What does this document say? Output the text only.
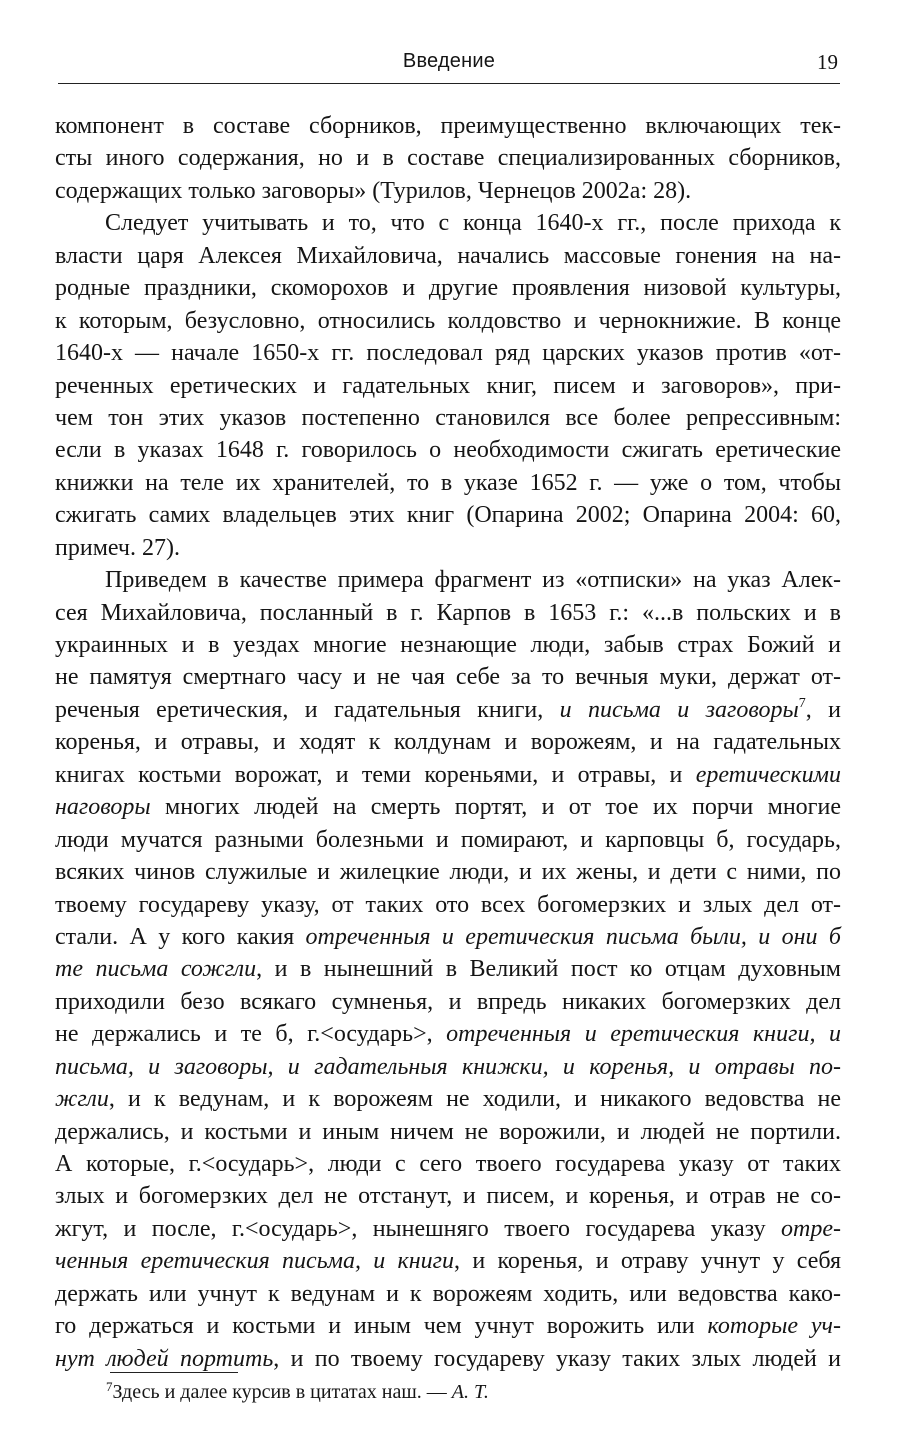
Введение	19
компонент в составе сборников, преимущественно включающих тек-
сты иного содержания, но и в составе специализированных сборников,
содержащих только заговоры» (Турилов, Чернецов 2002а: 28).
Следует учитывать и то, что с конца 1640-х гг., после прихода к
власти царя Алексея Михайловича, начались массовые гонения на на-
родные праздники, скоморохов и другие проявления низовой культуры,
к которым, безусловно, относились колдовство и чернокнижие. В конце
1640-х — начале 1650-х гг. последовал ряд царских указов против «от-
реченных еретических и гадательных книг, писем и заговоров», при-
чем тон этих указов постепенно становился все более репрессивным:
если в указах 1648 г. говорилось о необходимости сжигать еретические
книжки на теле их хранителей, то в указе 1652 г. — уже о том, чтобы
сжигать самих владельцев этих книг (Опарина 2002; Опарина 2004: 60,
примеч. 27).
Приведем в качестве примера фрагмент из «отписки» на указ Алек-
сея Михайловича, посланный в г. Карпов в 1653 г.: «...в польских и в
украинных и в уездах многие незнающие люди, забыв страх Божий и
не памятуя смертнаго часу и не чая себе за то вечныя муки, держат от-
реченыя еретическия, и гадательныя книги, и письма и заговоры$^7$, и
коренья, и отравы, и ходят к колдунам и ворожеям, и на гадательных
книгах костьми ворожат, и теми кореньями, и отравы, и еретическими
наговоры многих людей на смерть портят, и от тое их порчи многие
люди мучатся разными болезньми и помирают, и карповцы б, государь,
всяких чинов служилые и жилецкие люди, и их жены, и дети с ними, по
твоему государеву указу, от таких ото всех богомерзких и злых дел от-
стали. А у кого какия отреченныя и еретическия письма были, и они б
те письма сожгли, и в нынешний в Великий пост ко отцам духовным
приходили безо всякаго сумненья, и впредь никаких богомерзких дел
не держались и те б, г.<осударь>, отреченныя и еретическия книги, и
письма, и заговоры, и гадательныя книжки, и коренья, и отравы по-
жгли, и к ведунам, и к ворожеям не ходили, и никакого ведовства не
держались, и костьми и иным ничем не ворожили, и людей не портили.
А которые, г.<осударь>, люди с сего твоего государева указу от таких
злых и богомерзких дел не отстанут, и писем, и коренья, и отрав не со-
жгут, и после, г.<осударь>, нынешняго твоего государева указу отре-
ченныя еретическия письма, и книги, и коренья, и отраву учнут у себя
держать или учнут к ведунам и к ворожеям ходить, или ведовства како-
го держаться и костьми и иным чем учнут ворожить или которые уч-
нут людей портить, и по твоему государеву указу таких злых людей и
$^7$Здесь и далее курсив в цитатах наш. — А. Т.
